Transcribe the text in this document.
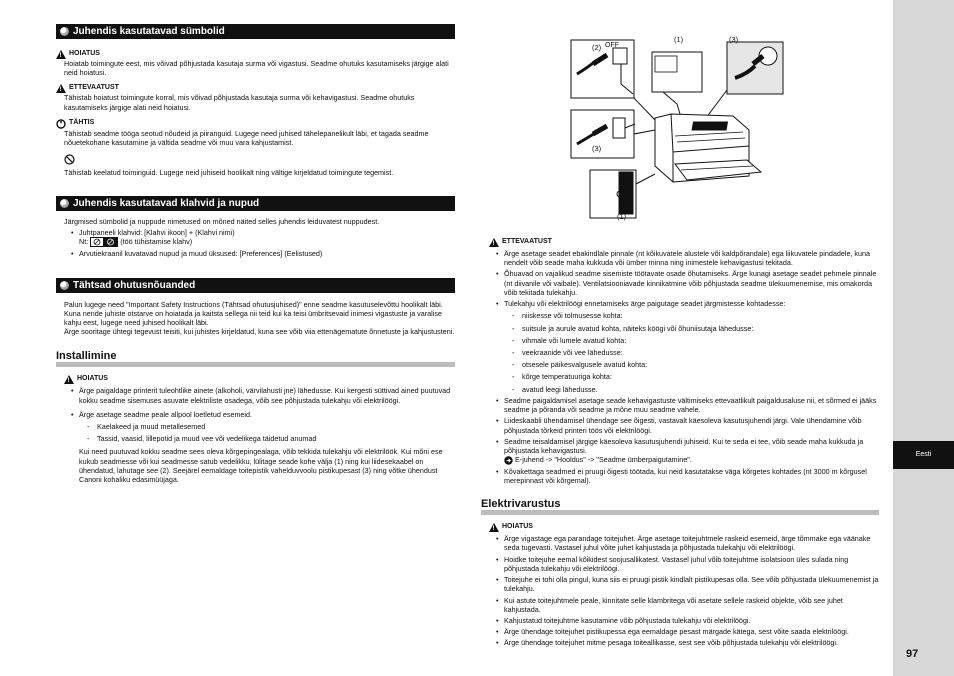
Eesti
97
Juhendis kasutatavad sümbolid
!
HOIATUS
Hoiatab toimingute eest, mis võivad põhjustada kasutaja surma või vigastusi. Seadme ohutuks kasutamiseks järgige alati neid hoiatusi.
!
ETTEVAATUST
Tähistab hoiatust toimingute korral, mis võivad põhjustada kasutaja surma või kehavigastusi. Seadme ohutuks kasutamiseks järgige alati neid hoiatusi.
TÄHTIS
Tähistab seadme tööga seotud nõudeid ja piiranguid. Lugege need juhised tähelepanelikult läbi, et tagada seadme nõuetekohane kasutamine ja vältida seadme või muu vara kahjustamist.
Tähistab keelatud toiminguid. Lugege neid juhiseid hoolikalt ning vältige kirjeldatud toimingute tegemist.
Juhendis kasutatavad klahvid ja nupud
Järgmised sümbolid ja nuppude nimetused on mõned näited selles juhendis leiduvatest nuppudest.
• Juhtpaneeli klahvid: [Klahvi ikoon] + (Klahvi nimi)
Nt:	(töö tühistamise klahv)
• Arvutiekraanil kuvatavad nupud ja muud üksused: [Preferences] (Eelistused)
Tähtsad ohutusnõuanded
Palun lugege need "Important Safety Instructions (Tähtsad ohutusjuhised)" enne seadme kasutuselevõttu hoolikalt läbi.
Kuna nende juhiste otstarve on hoiatada ja kaitsta sellega nii teid kui ka teisi ümbritsevaid inimesi vigastuste ja varalise kahju eest, lugege need juhised hoolikalt läbi.
Ärge sooritage ühtegi tegevust teisiti, kui juhistes kirjeldatud, kuna see võib viia ettenägematute õnnetuste ja kahjustusteni.
Installimine
!
HOIATUS
• Ärge paigaldage printerit tuleohtlike ainete (alkoholi, värvilahusti jne) lähedusse. Kui kergesti süttivad ained puutuvad kokku seadme sisemuses asuvate elektriliste osadega, võib see põhjustada tulekahju või elektrilöögi.
• Ärge asetage seadme peale allpool loetletud esemeid.
- Kaelakeed ja muud metallesemed
- Tassid, vaasid, lillepotid ja muud vee või vedelikega täidetud anumad
Kui need puutuvad kokku seadme sees oleva kõrgepingealaga, võib tekkida tulekahju või elektrilöök. Kui mõni ese kukub seadmesse või kui seadmesse satub vedelikku, lülitage seade kohe välja (1) ning kui liidesekaabel on ühendatud, lahutage see (2). Seejärel eemaldage toitepistik vahelduvvoolu pistikupesast (3) ning võtke ühendust Canoni kohaliku edasimüüjaga.
OFF
(2)
(1)	(3)
(3)
(1)
!
ETTEVAATUST
• Ärge asetage seadet ebakindlale pinnale (nt kõikuvatele alustele või kaldpõrandale) ega liikuvatele pindadele, kuna nendelt võib seade maha kukkuda või ümber minna ning inimestele kehavigastusi tekitada.
• Õhuavad on vajalikud seadme sisemiste töötavate osade õhutamiseks. Ärge kunagi asetage seadet pehmele pinnale (nt diivanile või vaibale). Ventilatsiooniavade kinnikatmine võib põhjustada seadme ülekuumenemise, mis omakorda võib tekitada tulekahju.
• Tulekahju või elektrilöögi ennetamiseks ärge paigutage seadet järgmistesse kohtadesse:
- niiskesse või tolmusesse kohta:
- suitsule ja aurule avatud kohta, näiteks köögi või õhuniisutaja lähedusse:
- vihmale või lumele avatud kohta:
- veekraanide või vee lähedusse:
- otsesele päikesvalgusele avatud kohta:
- kõrge temperatuuriga kohta:
- avatud leegi lähedusse.
• Seadme paigaldamisel asetage seade kehavigastuste vältimiseks ettevaatlikult paigaldusaluse nii, et sõrmed ei jääks seadme ja põranda või seadme ja mõne muu seadme vahele.
• Liideskaabli ühendamisel ühendage see õigesti, vastavalt käesoleva kasutusjuhendi järgi. Vale ühendamine võib põhjustada tõrkeid printeri töös või elektrilöögi.
• Seadme teisaldamisel järgige käesoleva kasutusjuhendi juhiseid. Kui te seda ei tee, võib seade maha kukkuda ja põhjustada kehavigastusi.
E-juhend -> "Hooldus" -> "Seadme ümberpaigutamine".
• Kõvakettaga seadmed ei pruugi õigesti töötada, kui neid kasutatakse väga kõrgetes kohtades (nt 3000 m kõrgusel merepinnast või kõrgemal).
Elektrivarustus
!
HOIATUS
• Ärge vigastage ega parandage toitejuhet. Ärge asetage toitejuhtmele raskeid esemeid, ärge tõmmake ega väänake seda tugevasti. Vastasel juhul võite juhet kahjustada ja põhjustada tulekahju või elektrilöögi.
• Hoidke toitejuhe eemal kõikidest soojusallikatest. Vastasel juhul võib toitejuhtme isolatsioon üles sulada ning põhjustada tulekahju või elektrilöögi.
• Toitejuhe ei tohi olla pingul, kuna siis ei pruugi pistik kindlalt pistikupesas olla. See võib põhjustada ülekuumenemist ja tulekahju.
• Kui astute toitejuhtmele peale, kinnitate selle klambritega või asetate sellele raskeid objekte, võib see juhet kahjustada.
• Kahjustatud toitejuhtme kasutamine võib põhjustada tulekahju või elektrilöögi.
• Ärge ühendage toitejuhet pistikupessa ega eemaldage pesast märgade kätega, sest võite saada elektrilöögi.
• Ärge ühendage toitejuhet mitme pesaga toiteallikasse, sest see võib põhjustada tulekahju või elektrilöögi.
